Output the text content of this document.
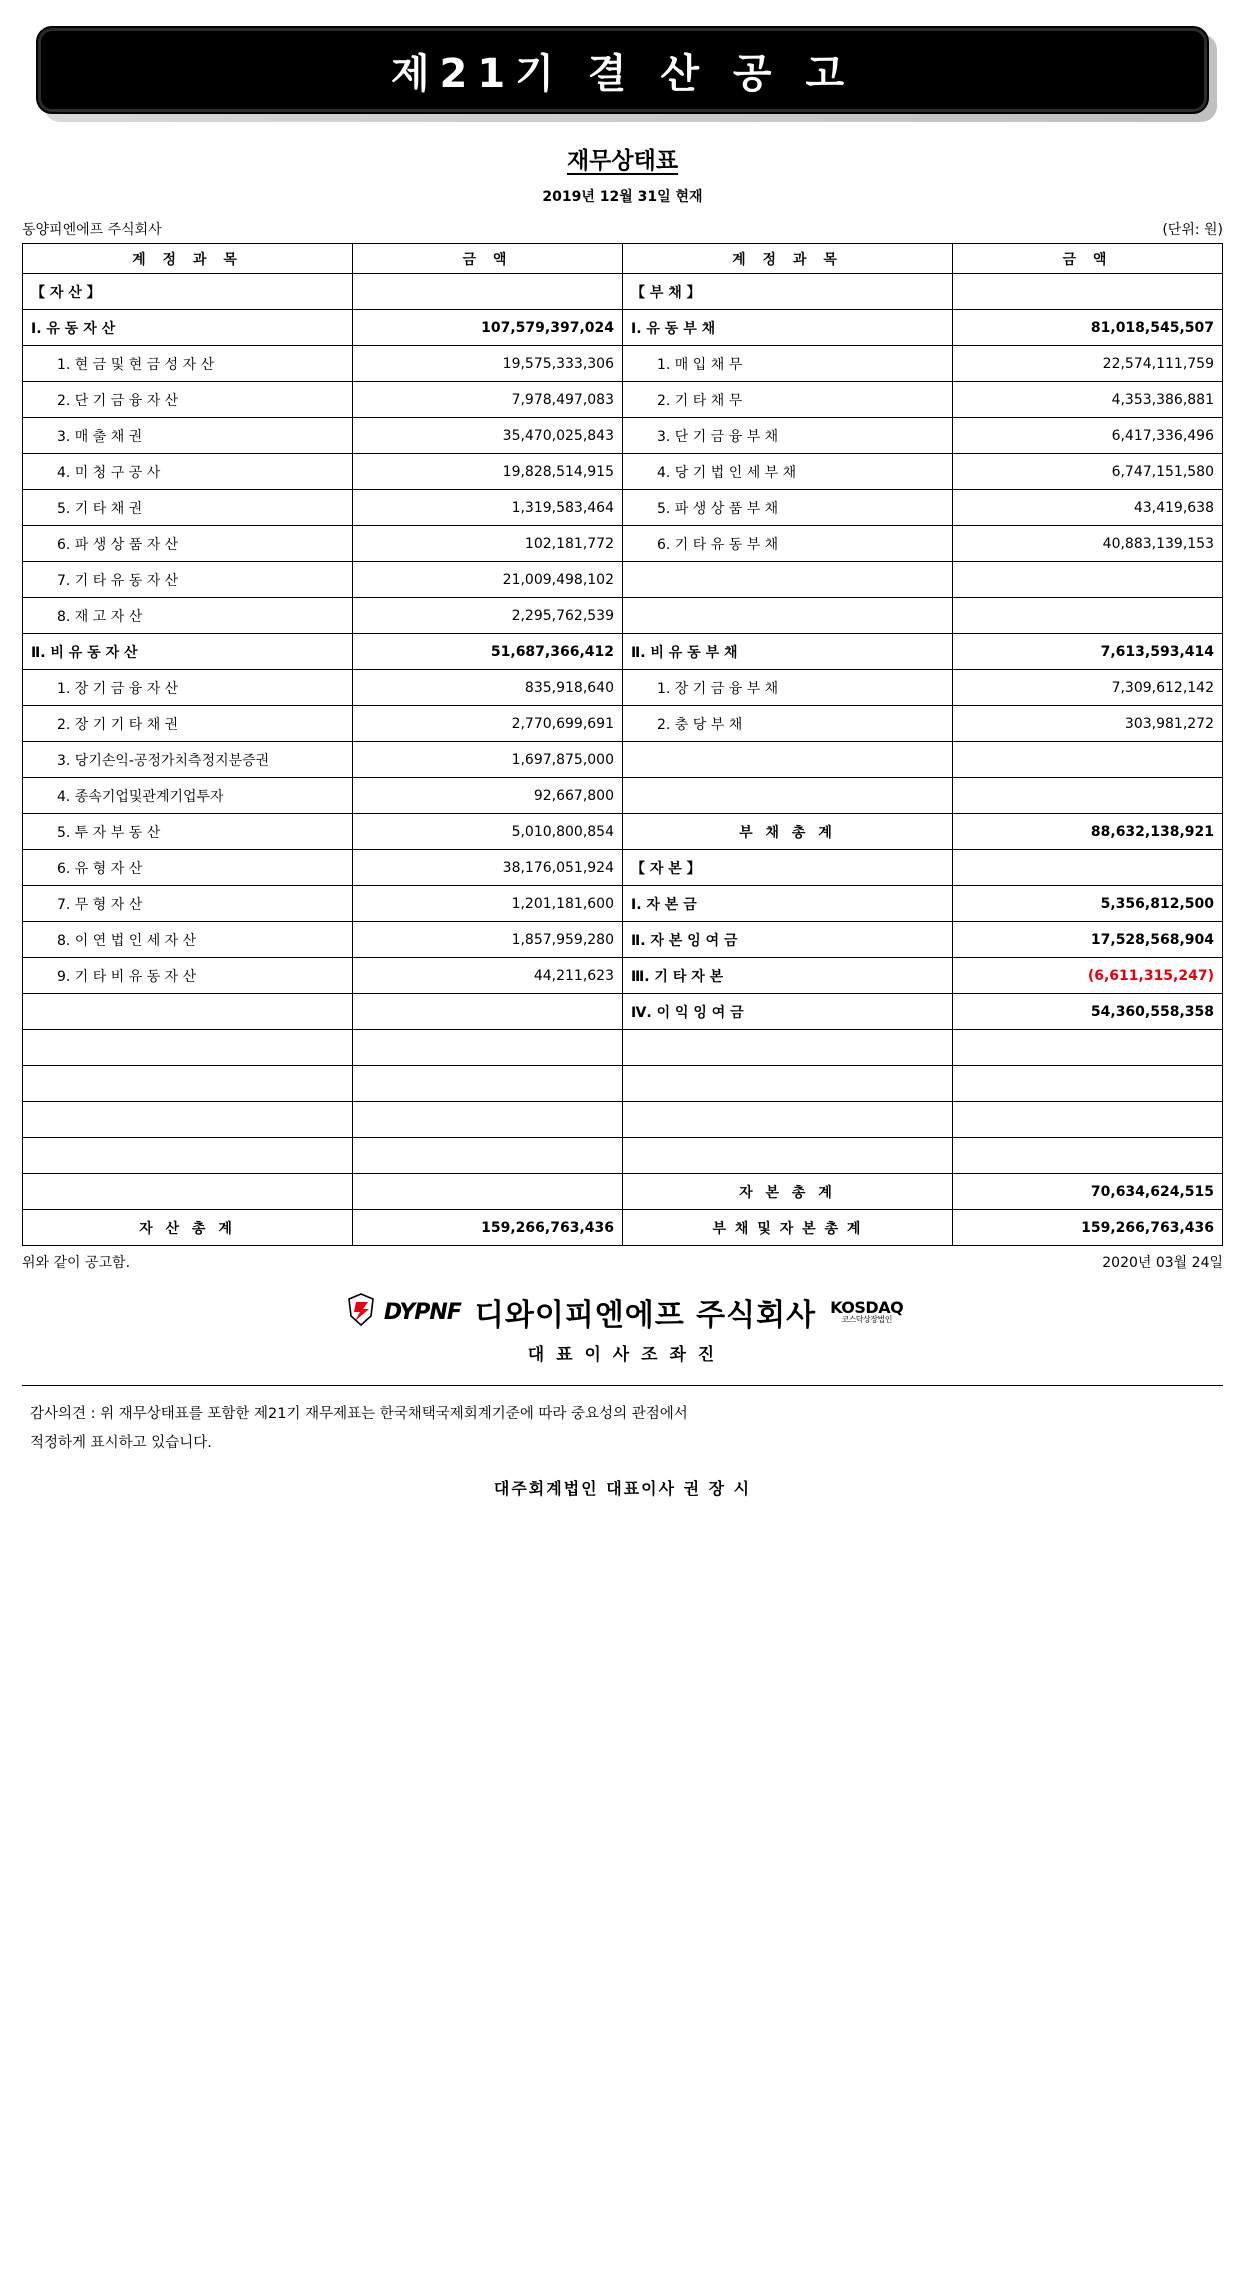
제21기 결 산 공 고
재무상태표
2019년 12월 31일 현재
동양피엔에프 주식회사	(단위: 원)
계 정 과 목	금 액	계 정 과 목	금 액
【 자 산 】		【 부 채 】	
Ⅰ. 유 동 자 산	107,579,397,024	Ⅰ. 유 동 부 채	81,018,545,507
1. 현 금 및 현 금 성 자 산	19,575,333,306	1. 매 입 채 무	22,574,111,759
2. 단 기 금 융 자 산	7,978,497,083	2. 기 타 채 무	4,353,386,881
3. 매 출 채 권	35,470,025,843	3. 단 기 금 융 부 채	6,417,336,496
4. 미 청 구 공 사	19,828,514,915	4. 당 기 법 인 세 부 채	6,747,151,580
5. 기 타 채 권	1,319,583,464	5. 파 생 상 품 부 채	43,419,638
6. 파 생 상 품 자 산	102,181,772	6. 기 타 유 동 부 채	40,883,139,153
7. 기 타 유 동 자 산	21,009,498,102		
8. 재 고 자 산	2,295,762,539		
Ⅱ. 비 유 동 자 산	51,687,366,412	Ⅱ. 비 유 동 부 채	7,613,593,414
1. 장 기 금 융 자 산	835,918,640	1. 장 기 금 융 부 채	7,309,612,142
2. 장 기 기 타 채 권	2,770,699,691	2. 충 당 부 채	303,981,272
3. 당기손익-공정가치측정지분증권	1,697,875,000		
4. 종속기업및관계기업투자	92,667,800		
5. 투 자 부 동 산	5,010,800,854	부 채 총 계	88,632,138,921
6. 유 형 자 산	38,176,051,924	【 자 본 】	
7. 무 형 자 산	1,201,181,600	Ⅰ. 자 본 금	5,356,812,500
8. 이 연 법 인 세 자 산	1,857,959,280	Ⅱ. 자 본 잉 여 금	17,528,568,904
9. 기 타 비 유 동 자 산	44,211,623	Ⅲ. 기 타 자 본	(6,611,315,247)
		Ⅳ. 이 익 잉 여 금	54,360,558,358

		자 본 총 계	70,634,624,515
자 산 총 계	159,266,763,436	부 채 및 자 본 총 계	159,266,763,436
위와 같이 공고함.	2020년 03월 24일
DYPNF 디와이피엔에프 주식회사 KOSDAQ
코스닥상장법인
대 표 이 사 조 좌 진
감사의견 : 위 재무상태표를 포함한 제21기 재무제표는 한국채택국제회계기준에 따라 중요성의 관점에서
적정하게 표시하고 있습니다.
대주회계법인 대표이사 권 장 시
